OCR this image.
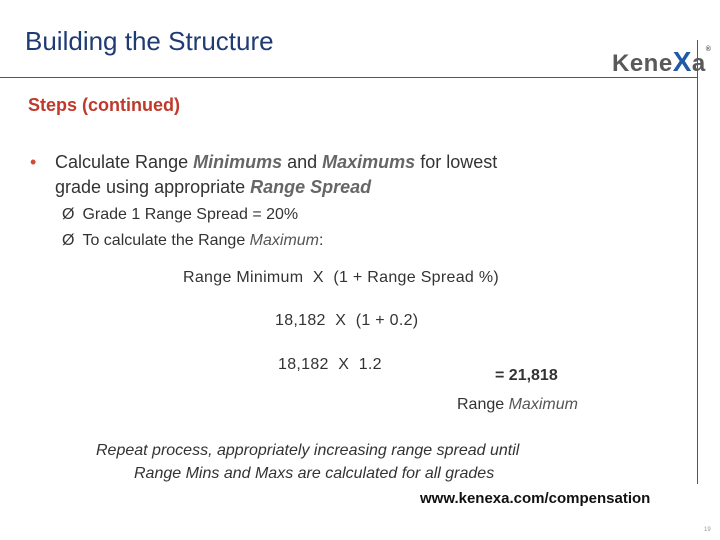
Building the Structure
KeneXa®
Steps (continued)
• Calculate Range Minimums and Maximums for lowest
grade using appropriate Range Spread
Ø Grade 1 Range Spread = 20%
Ø To calculate the Range Maximum:
Range Minimum  X  (1 + Range Spread %)
18,182  X  (1 + 0.2)
18,182  X  1.2
= 21,818
Range Maximum
Repeat process, appropriately increasing range spread until
Range Mins and Maxs are calculated for all grades
www.kenexa.com/compensation
19
